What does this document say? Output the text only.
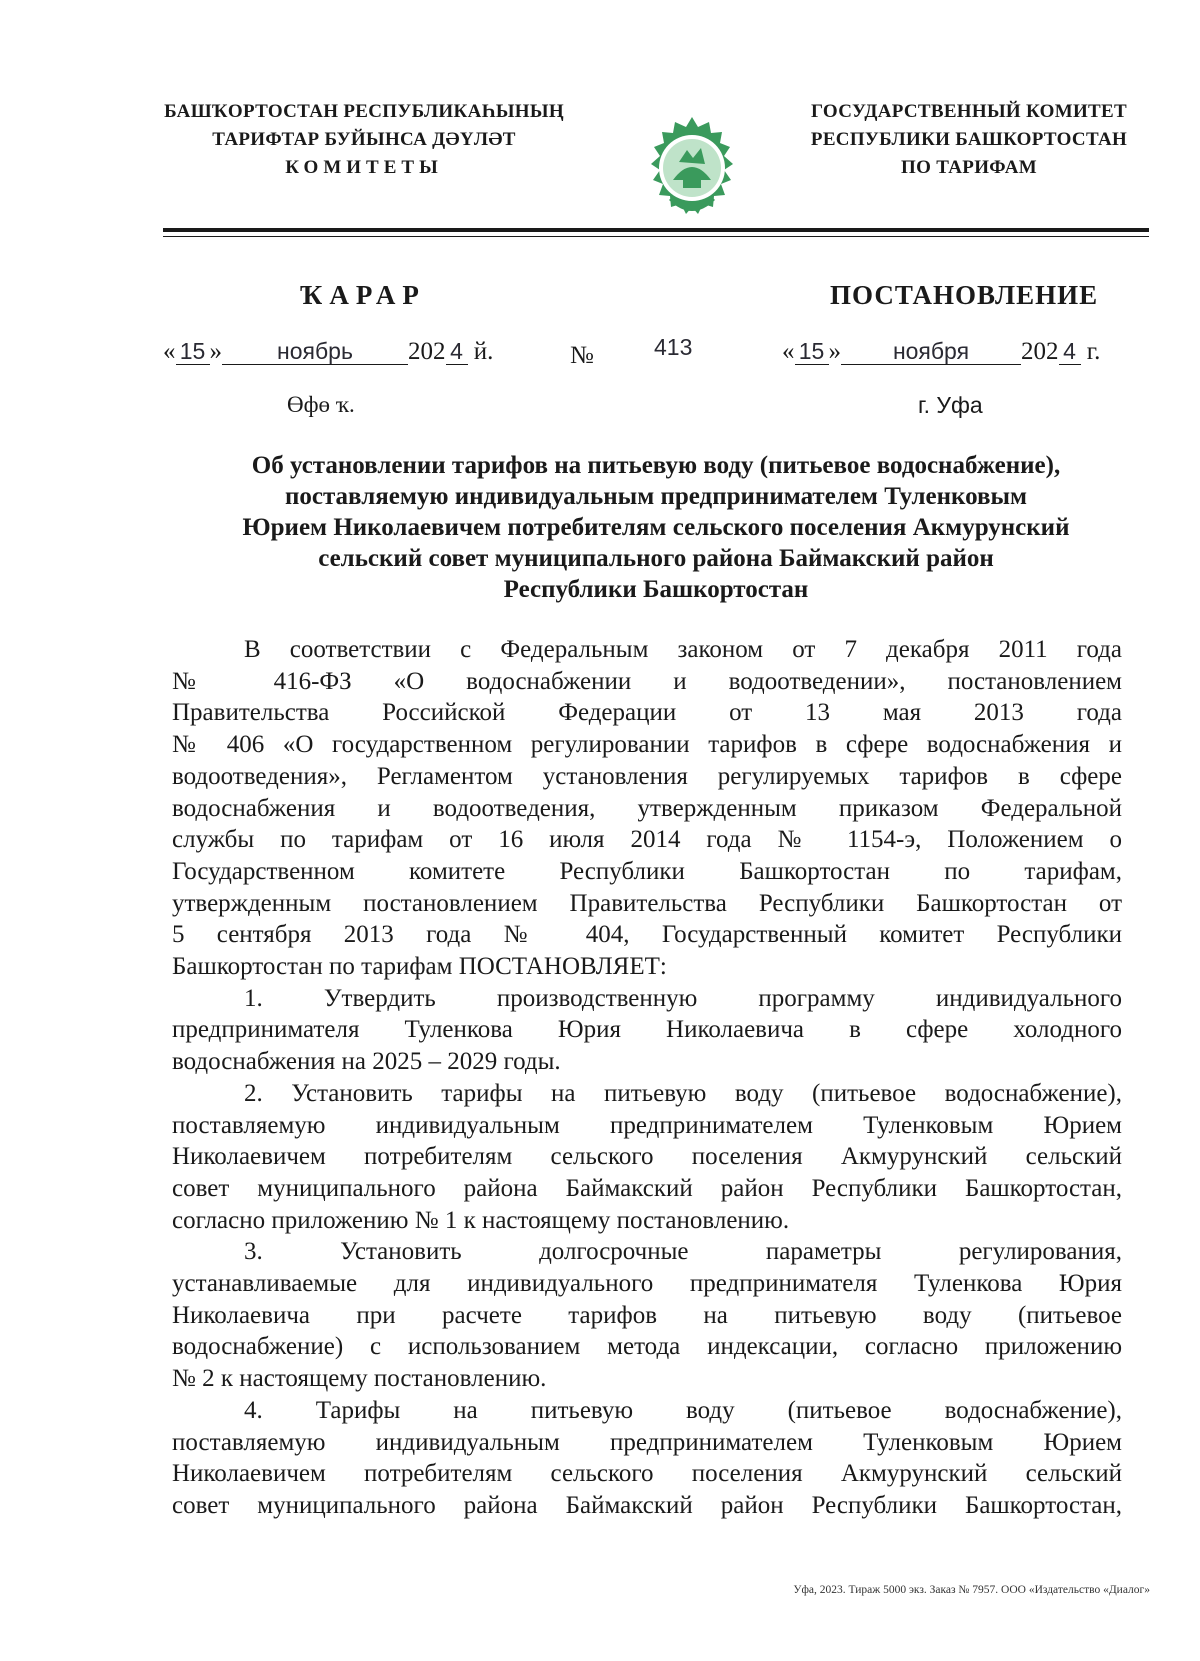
БАШҠОРТОСТАН РЕСПУБЛИКАҺЫНЫҢ
ТАРИФТАР БУЙЫНСА ДӘҮЛӘТ
КОМИТЕТЫ
ГОСУДАРСТВЕННЫЙ КОМИТЕТ
РЕСПУБЛИКИ БАШКОРТОСТАН
ПО ТАРИФАМ
ҠАРАР	ПОСТАНОВЛЕНИЕ
« 15 » ноябрь 202 4 й.	№	413	« 15 » ноября 202 4 г.
Өфө ҡ.	г. Уфа
Об установлении тарифов на питьевую воду (питьевое водоснабжение),
поставляемую индивидуальным предпринимателем Туленковым
Юрием Николаевичем потребителям сельского поселения Акмурунский
сельский совет муниципального района Баймакский район
Республики Башкортостан
В соответствии с Федеральным законом от 7 декабря 2011 года
№ 416-ФЗ «О водоснабжении и водоотведении», постановлением
Правительства Российской Федерации от 13 мая 2013 года
№ 406 «О государственном регулировании тарифов в сфере водоснабжения и
водоотведения», Регламентом установления регулируемых тарифов в сфере
водоснабжения и водоотведения, утвержденным приказом Федеральной
службы по тарифам от 16 июля 2014 года № 1154-э, Положением о
Государственном комитете Республики Башкортостан по тарифам,
утвержденным постановлением Правительства Республики Башкортостан от
5 сентября 2013 года № 404, Государственный комитет Республики
Башкортостан по тарифам ПОСТАНОВЛЯЕТ:
1. Утвердить производственную программу индивидуального
предпринимателя Туленкова Юрия Николаевича в сфере холодного
водоснабжения на 2025 – 2029 годы.
2. Установить тарифы на питьевую воду (питьевое водоснабжение),
поставляемую индивидуальным предпринимателем Туленковым Юрием
Николаевичем потребителям сельского поселения Акмурунский сельский
совет муниципального района Баймакский район Республики Башкортостан,
согласно приложению № 1 к настоящему постановлению.
3. Установить долгосрочные параметры регулирования,
устанавливаемые для индивидуального предпринимателя Туленкова Юрия
Николаевича при расчете тарифов на питьевую воду (питьевое
водоснабжение) с использованием метода индексации, согласно приложению
№ 2 к настоящему постановлению.
4. Тарифы на питьевую воду (питьевое водоснабжение),
поставляемую индивидуальным предпринимателем Туленковым Юрием
Николаевичем потребителям сельского поселения Акмурунский сельский
совет муниципального района Баймакский район Республики Башкортостан,
Уфа, 2023. Тираж 5000 экз. Заказ № 7957. ООО «Издательство «Диалог»
